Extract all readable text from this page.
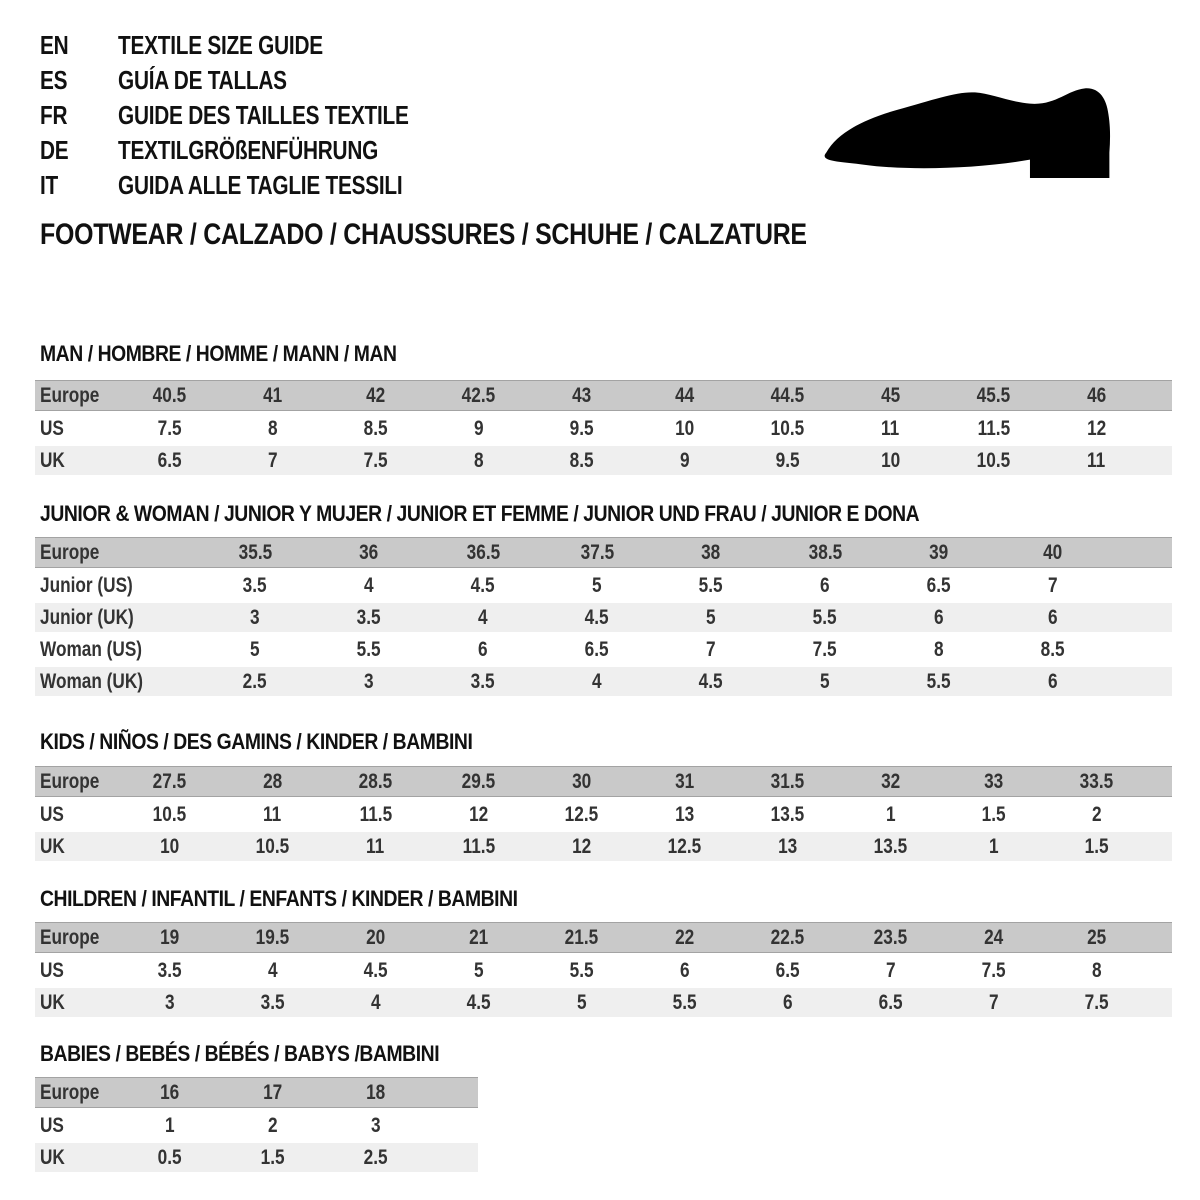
EN	TEXTILE SIZE GUIDE
ES	GUÍA DE TALLAS
FR	GUIDE DES TAILLES TEXTILE
DE	TEXTILGRÖßENFÜHRUNG
IT	GUIDA ALLE TAGLIE TESSILI
FOOTWEAR / CALZADO / CHAUSSURES / SCHUHE / CALZATURE
MAN / HOMBRE / HOMME / MANN / MAN
JUNIOR & WOMAN / JUNIOR Y MUJER / JUNIOR ET FEMME / JUNIOR UND FRAU / JUNIOR E DONA
KIDS / NIÑOS / DES GAMINS / KINDER / BAMBINI
CHILDREN / INFANTIL / ENFANTS / KINDER / BAMBINI
BABIES / BEBÉS / BÉBÉS / BABYS /BAMBINI
Europe	40.5	41	42	42.5	43	44	44.5	45	45.5	46	
US	7.5	8	8.5	9	9.5	10	10.5	11	11.5	12	
UK	6.5	7	7.5	8	8.5	9	9.5	10	10.5	11	
Europe	35.5	36	36.5	37.5	38	38.5	39	40	
Junior (US)	3.5	4	4.5	5	5.5	6	6.5	7	
Junior (UK)	3	3.5	4	4.5	5	5.5	6	6	
Woman (US)	5	5.5	6	6.5	7	7.5	8	8.5	
Woman (UK)	2.5	3	3.5	4	4.5	5	5.5	6	
Europe	27.5	28	28.5	29.5	30	31	31.5	32	33	33.5	
US	10.5	11	11.5	12	12.5	13	13.5	1	1.5	2	
UK	10	10.5	11	11.5	12	12.5	13	13.5	1	1.5	
Europe	19	19.5	20	21	21.5	22	22.5	23.5	24	25	
US	3.5	4	4.5	5	5.5	6	6.5	7	7.5	8	
UK	3	3.5	4	4.5	5	5.5	6	6.5	7	7.5	
Europe	16	17	18	
US	1	2	3	
UK	0.5	1.5	2.5	
